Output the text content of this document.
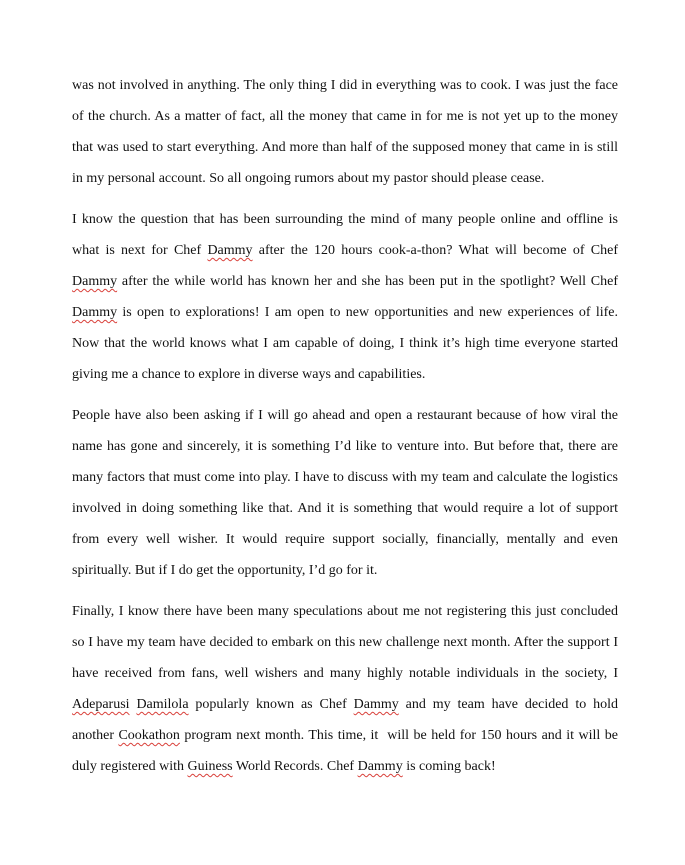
was not involved in anything. The only thing I did in everything was to cook. I was just the face of the church. As a matter of fact, all the money that came in for me is not yet up to the money that was used to start everything. And more than half of the supposed money that came in is still in my personal account. So all ongoing rumors about my pastor should please cease.

I know the question that has been surrounding the mind of many people online and offline is what is next for Chef Dammy after the 120 hours cook-a-thon? What will become of Chef Dammy after the while world has known her and she has been put in the spotlight? Well Chef Dammy is open to explorations! I am open to new opportunities and new experiences of life. Now that the world knows what I am capable of doing, I think it’s high time everyone started giving me a chance to explore in diverse ways and capabilities.

People have also been asking if I will go ahead and open a restaurant because of how viral the name has gone and sincerely, it is something I’d like to venture into. But before that, there are many factors that must come into play. I have to discuss with my team and calculate the logistics involved in doing something like that. And it is something that would require a lot of support from every well wisher. It would require support socially, financially, mentally and even spiritually. But if I do get the opportunity, I’d go for it.

Finally, I know there have been many speculations about me not registering this just concluded so I have my team have decided to embark on this new challenge next month. After the support I have received from fans, well wishers and many highly notable individuals in the society, I Adeparusi Damilola popularly known as Chef Dammy and my team have decided to hold another Cookathon program next month. This time, it  will be held for 150 hours and it will be duly registered with Guiness World Records. Chef Dammy is coming back!
